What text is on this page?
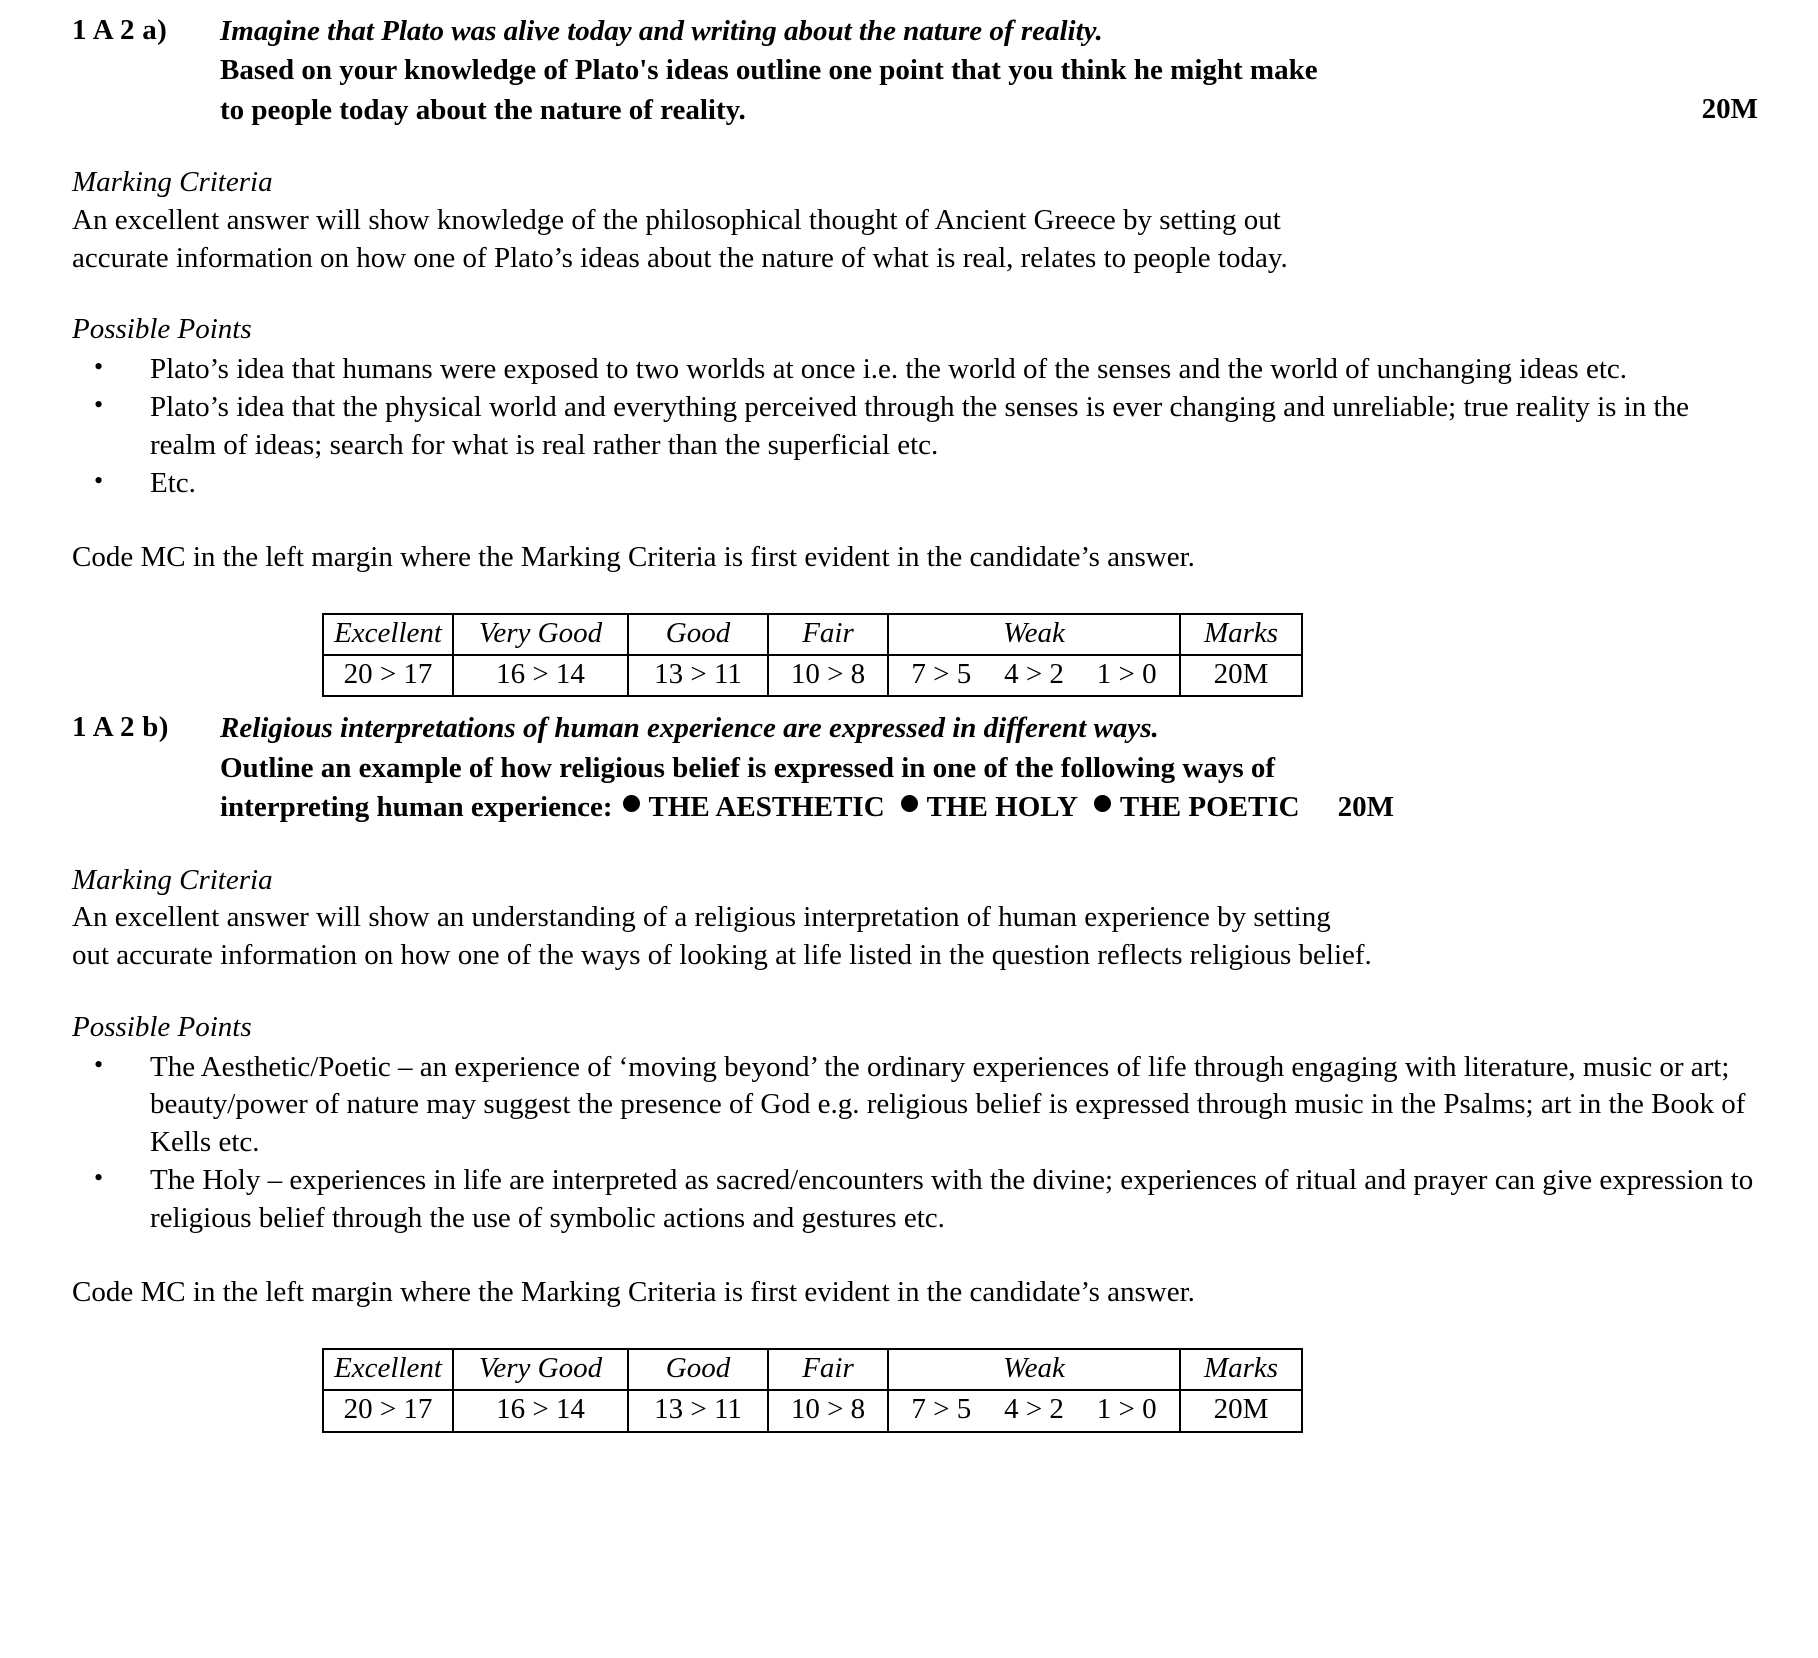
1 A 2 a)	Imagine that Plato was alive today and writing about the nature of reality.
Based on your knowledge of Plato's ideas outline one point that you think he might make
to people today about the nature of reality.	20M
Marking Criteria
An excellent answer will show knowledge of the philosophical thought of Ancient Greece by setting out
accurate information on how one of Plato’s ideas about the nature of what is real, relates to people today.
Possible Points
• Plato’s idea that humans were exposed to two worlds at once i.e. the world of the senses and the world of unchanging ideas etc.
• Plato’s idea that the physical world and everything perceived through the senses is ever changing and unreliable; true reality is in the realm of ideas; search for what is real rather than the superficial etc.
• Etc.
Code MC in the left margin where the Marking Criteria is first evident in the candidate’s answer.
Excellent	Very Good	Good	Fair	Weak	Marks
20 > 17	16 > 14	13 > 11	10 > 8	7 > 5 4 > 2 1 > 0	20M
1 A 2 b)	Religious interpretations of human experience are expressed in different ways.
Outline an example of how religious belief is expressed in one of the following ways of
interpreting human experience: THE AESTHETIC THE HOLY THE POETIC 20M
Marking Criteria
An excellent answer will show an understanding of a religious interpretation of human experience by setting
out accurate information on how one of the ways of looking at life listed in the question reflects religious belief.
Possible Points
• The Aesthetic/Poetic – an experience of ‘moving beyond’ the ordinary experiences of life through engaging with literature, music or art; beauty/power of nature may suggest the presence of God e.g. religious belief is expressed through music in the Psalms; art in the Book of Kells etc.
• The Holy – experiences in life are interpreted as sacred/encounters with the divine; experiences of ritual and prayer can give expression to religious belief through the use of symbolic actions and gestures etc.
Code MC in the left margin where the Marking Criteria is first evident in the candidate’s answer.
Excellent	Very Good	Good	Fair	Weak	Marks
20 > 17	16 > 14	13 > 11	10 > 8	7 > 5 4 > 2 1 > 0	20M
